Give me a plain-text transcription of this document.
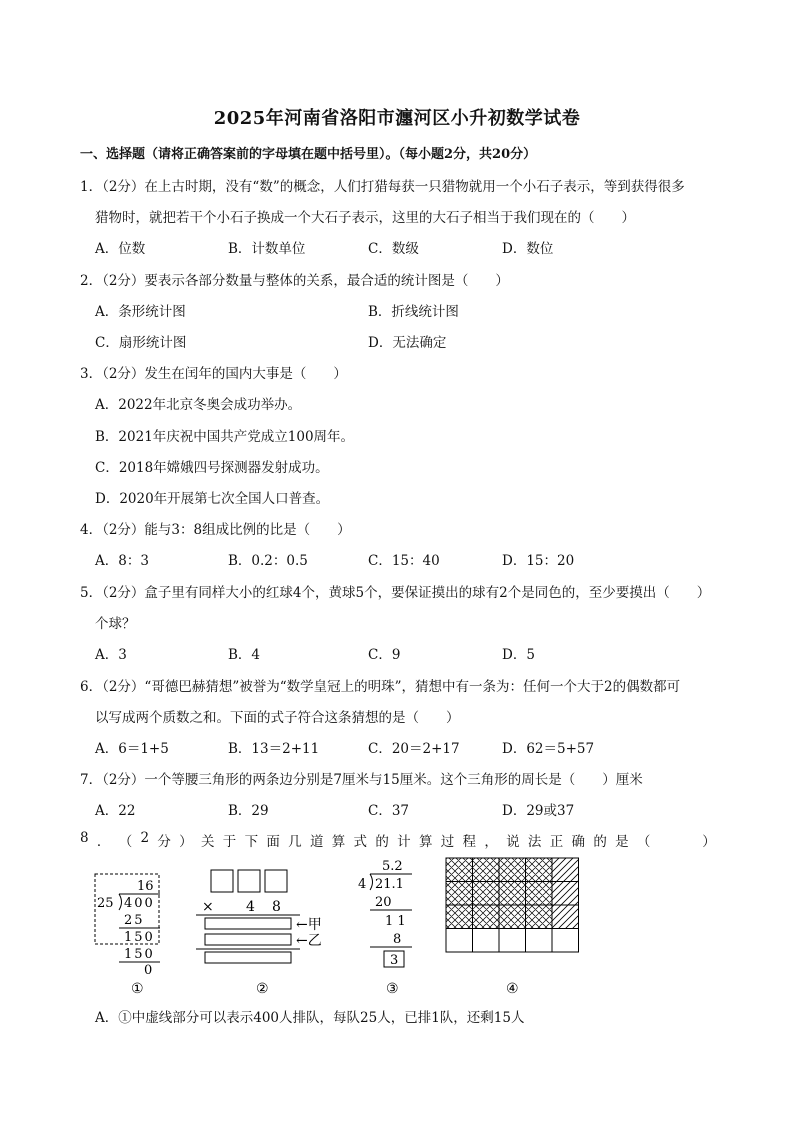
2025年河南省洛阳市瀍河区小升初数学试卷
一、选择题（请将正确答案前的字母填在题中括号里）。（每小题2分，共20分）
1．（2分）在上古时期，没有“数”的概念，人们打猎每获一只猎物就用一个小石子表示，等到获得很多
猎物时，就把若干个小石子换成一个大石子表示，这里的大石子相当于我们现在的（　　）
A．位数	B．计数单位	C．数级	D．数位
2．（2分）要表示各部分数量与整体的关系，最合适的统计图是（　　）
A．条形统计图	B．折线统计图
C．扇形统计图	D．无法确定
3．（2分）发生在闰年的国内大事是（　　）
A．2022年北京冬奥会成功举办。
B．2021年庆祝中国共产党成立100周年。
C．2018年嫦娥四号探测器发射成功。
D．2020年开展第七次全国人口普查。
4．（2分）能与3：8组成比例的比是（　　）
A．8：3	B．0.2：0.5	C．15：40	D．15：20
5．（2分）盒子里有同样大小的红球4个，黄球5个，要保证摸出的球有2个是同色的，至少要摸出（　　）
个球？
A．3	B．4	C．9	D．5
6．（2分）“哥德巴赫猜想”被誉为“数学皇冠上的明珠”，猜想中有一条为：任何一个大于2的偶数都可
以写成两个质数之和。下面的式子符合这条猜想的是（　　）
A．6＝1+5	B．13＝2+11	C．20＝2+17	D．62＝5+57
7．（2分）一个等腰三角形的两条边分别是7厘米与15厘米。这个三角形的周长是（　　）厘米
A．22	B．29	C．37	D．29或37
8 ． （ 2 分 ） 关 于 下 面 几 道 算 式 的 计 算 过 程 ， 说 法 正 确 的 是 （

　	）
16
25 400
25
150
150
0
× 4 8
←甲
←乙
5.2
4 21.1
20
1 1
8
3
①	②	③	④
A．①中虚线部分可以表示400人排队，每队25人，已排1队，还剩15人
